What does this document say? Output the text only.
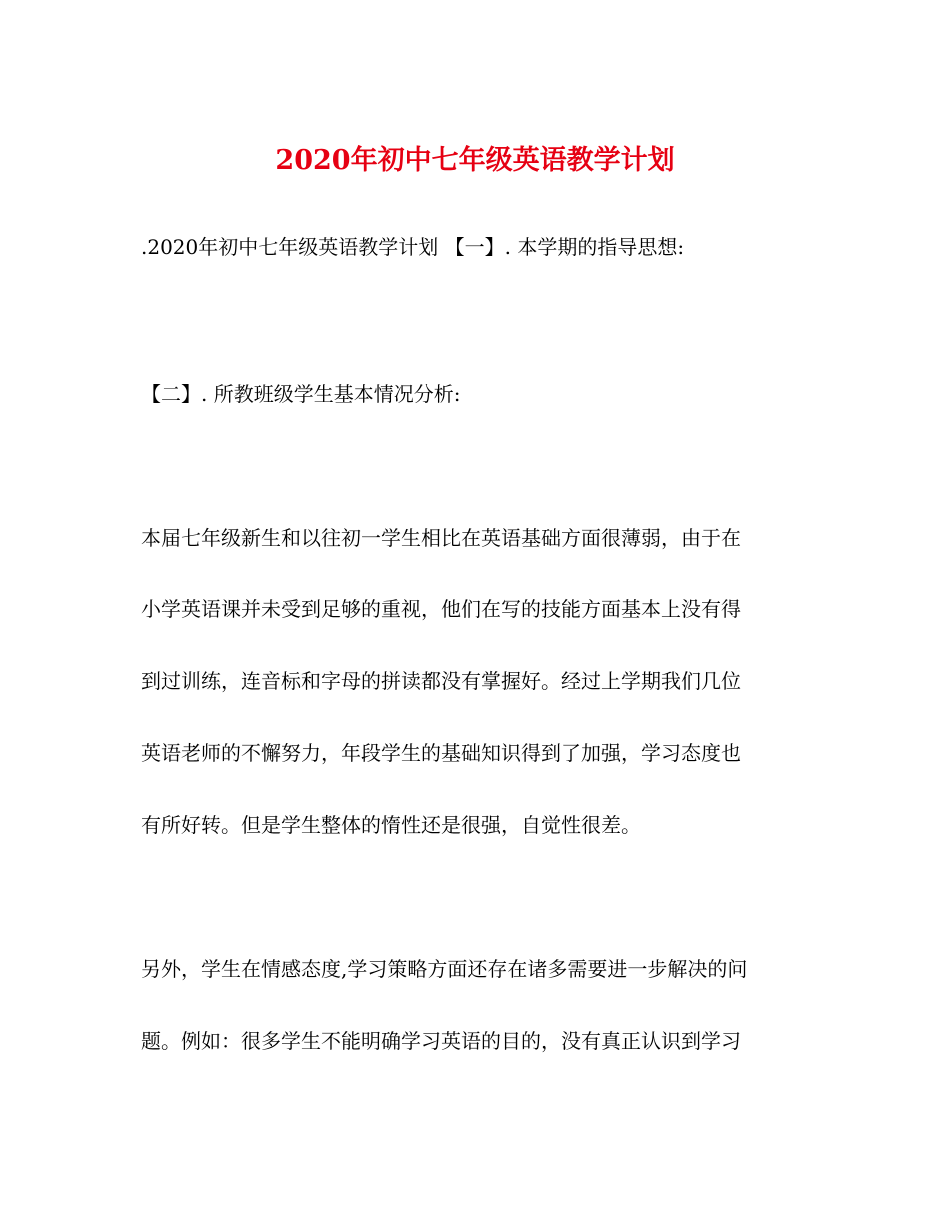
2020年初中七年级英语教学计划
.2020年初中七年级英语教学计划 【一】. 本学期的指导思想:
【二】. 所教班级学生基本情况分析:
本届七年级新生和以往初一学生相比在英语基础方面很薄弱，由于在
小学英语课并未受到足够的重视，他们在写的技能方面基本上没有得
到过训练，连音标和字母的拼读都没有掌握好。经过上学期我们几位
英语老师的不懈努力，年段学生的基础知识得到了加强，学习态度也
有所好转。但是学生整体的惰性还是很强，自觉性很差。
另外，学生在情感态度,学习策略方面还存在诸多需要进一步解决的问
题。例如：很多学生不能明确学习英语的目的，没有真正认识到学习
